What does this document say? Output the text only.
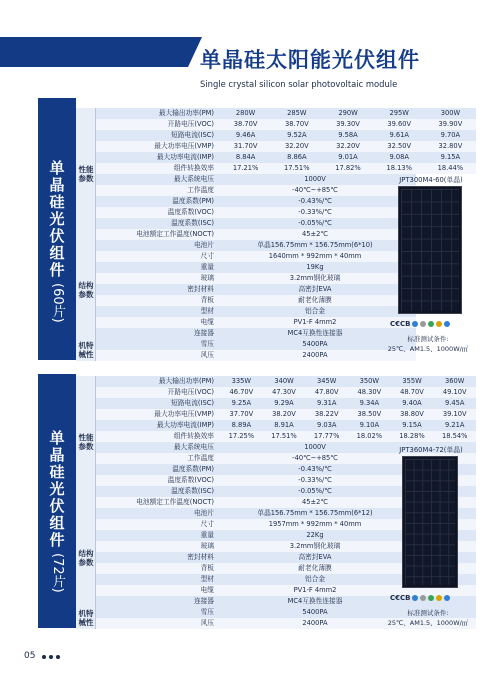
单晶硅太阳能光伏组件
Single crystal silicon solar photovoltaic module
单
晶
硅
光
伏
组
件
(60片)
最大输出功率(PM)	280W	285W	290W	295W	300W
开路电压(VOC)	38.70V	38.70V	39.30V	39.60V	39.90V
短路电流(ISC)	9.46A	9.52A	9.58A	9.61A	9.70A
最大功率电压(VMP)	31.70V	32.20V	32.20V	32.50V	32.80V
最大功率电流(IMP)	8.84A	8.86A	9.01A	9.08A	9.15A
组件转换效率	17.21%	17.51%	17.82%	18.13%	18.44%
最大系统电压	1000V
工作温度	-40℃~+85℃
温度系数(PM)	-0.43%/℃
温度系数(VOC)	-0.33%/℃
温度系数(ISC)	-0.05%/℃
电池额定工作温度(NOCT)	45±2℃
电池片	单晶156.75mm * 156.75mm(6*10)
尺寸	1640mm * 992mm * 40mm
重量	19Kg
玻璃	3.2mm钢化玻璃
密封材料	高密封EVA
背板	耐老化薄膜
型材	铝合金
电缆	PV1-F 4mm2
连接器	MC4互换性连接器
雪压	5400PA
风压	2400PA
性能参数
结构参数
机特械性
JPT300M4-60(单晶)
C€CB
标准测试条件:
25℃、AM1.5、1000W/㎡
单
晶
硅
光
伏
组
件
(72片)
最大输出功率(PM)	335W	340W	345W	350W	355W	360W
开路电压(VOC)	46.70V	47.30V	47.80V	48.30V	48.70V	49.10V
短路电流(ISC)	9.25A	9.29A	9.31A	9.34A	9.40A	9.45A
最大功率电压(VMP)	37.70V	38.20V	38.22V	38.50V	38.80V	39.10V
最大功率电流(IMP)	8.89A	8.91A	9.03A	9.10A	9.15A	9.21A
组件转换效率	17.25%	17.51%	17.77%	18.02%	18.28%	18.54%
最大系统电压	1000V
工作温度	-40℃~+85℃
温度系数(PM)	-0.43%/℃
温度系数(VOC)	-0.33%/℃
温度系数(ISC)	-0.05%/℃
电池额定工作温度(NOCT)	45±2℃
电池片	单晶156.75mm * 156.75mm(6*12)
尺寸	1957mm * 992mm * 40mm
重量	22Kg
玻璃	3.2mm钢化玻璃
密封材料	高密封EVA
背板	耐老化薄膜
型材	铝合金
电缆	PV1-F 4mm2
连接器	MC4互换性连接器
雪压	5400PA
风压	2400PA
性能参数
结构参数
机特械性
JPT360M4-72(单晶)
C€CB
标准测试条件:
25℃、AM1.5、1000W/㎡
05
